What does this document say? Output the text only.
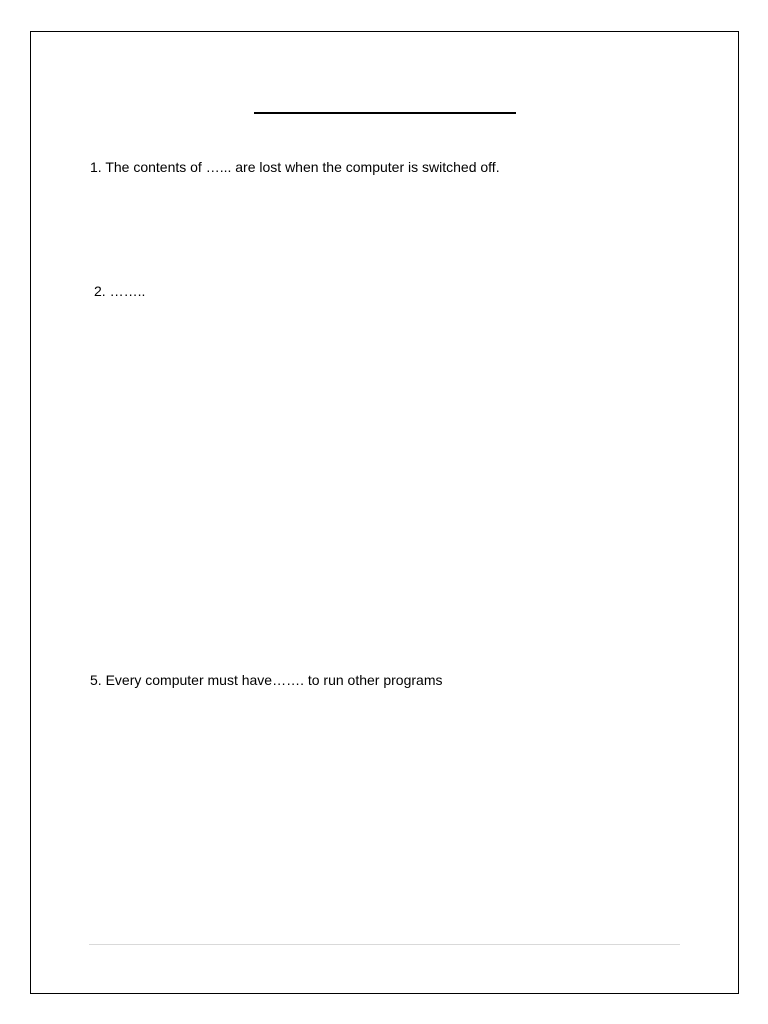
1. The contents of …... are lost when the computer is switched off.

2. ……..

5. Every computer must have……. to run other programs
